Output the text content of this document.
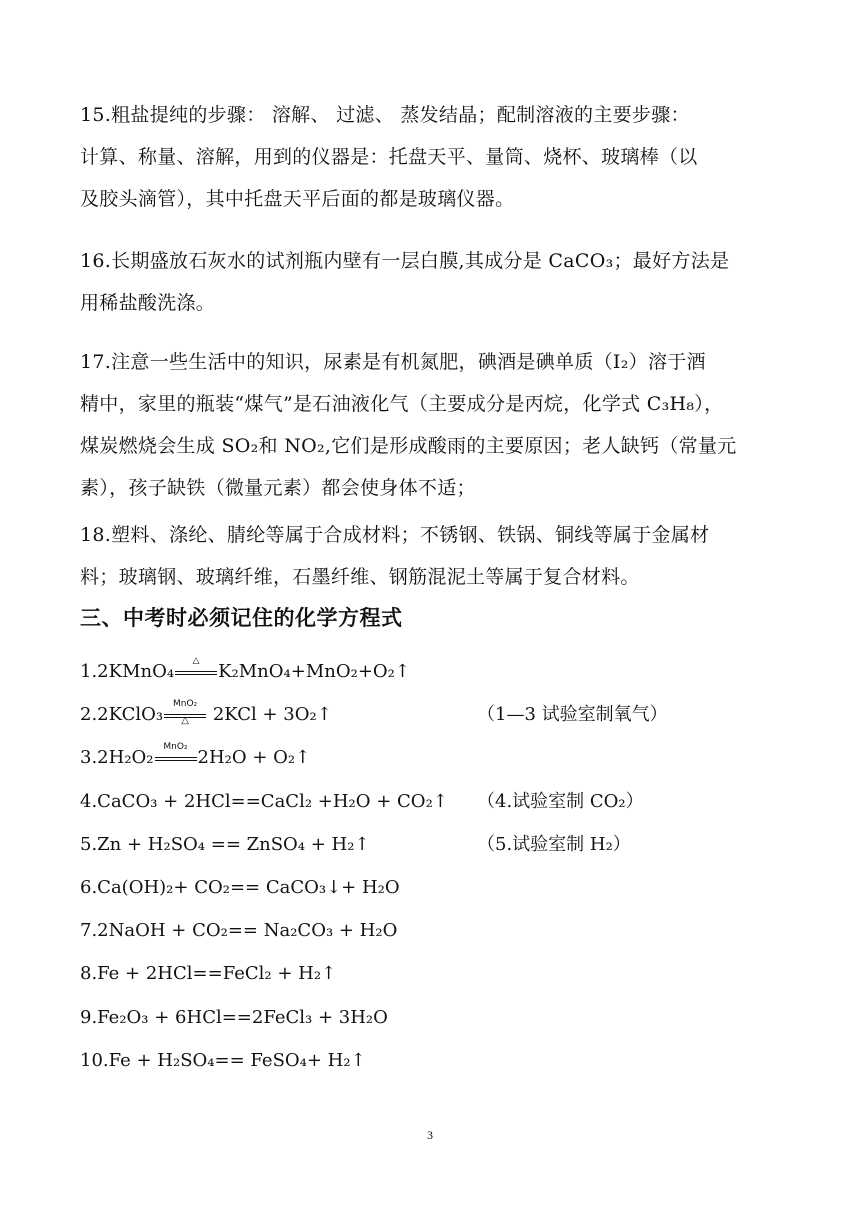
15.粗盐提纯的步骤： 溶解、 过滤、 蒸发结晶；配制溶液的主要步骤：
计算、称量、溶解，用到的仪器是：托盘天平、量筒、烧杯、玻璃棒（以
及胶头滴管），其中托盘天平后面的都是玻璃仪器。
16.长期盛放石灰水的试剂瓶内壁有一层白膜,其成分是 CaCO₃；最好方法是
用稀盐酸洗涤。
17.注意一些生活中的知识，尿素是有机氮肥，碘酒是碘单质（I₂）溶于酒
精中，家里的瓶装“煤气”是石油液化气（主要成分是丙烷，化学式 C₃H₈），
煤炭燃烧会生成 SO₂和 NO₂,它们是形成酸雨的主要原因；老人缺钙（常量元
素），孩子缺铁（微量元素）都会使身体不适；
18.塑料、涤纶、腈纶等属于合成材料；不锈钢、铁锅、铜线等属于金属材
料；玻璃钢、玻璃纤维，石墨纤维、钢筋混泥土等属于复合材料。
三、中考时必须记住的化学方程式
1.2KMnO₄	△	K₂MnO₄+MnO₂+O₂↑
2.2KClO₃	MnO₂
△	2KCl + 3O₂↑	（1—3 试验室制氧气）
3.2H₂O₂	MnO₂ 2H₂O + O₂↑
4.CaCO₃ + 2HCl==CaCl₂ +H₂O + CO₂↑ （4.试验室制 CO₂）
5.Zn + H₂SO₄ == ZnSO₄ + H₂↑	（5.试验室制 H₂）
6.Ca(OH)₂+ CO₂== CaCO₃↓+ H₂O
7.2NaOH + CO₂== Na₂CO₃ + H₂O
8.Fe + 2HCl==FeCl₂ + H₂↑
9.Fe₂O₃ + 6HCl==2FeCl₃ + 3H₂O
10.Fe + H₂SO₄== FeSO₄+ H₂↑
3
